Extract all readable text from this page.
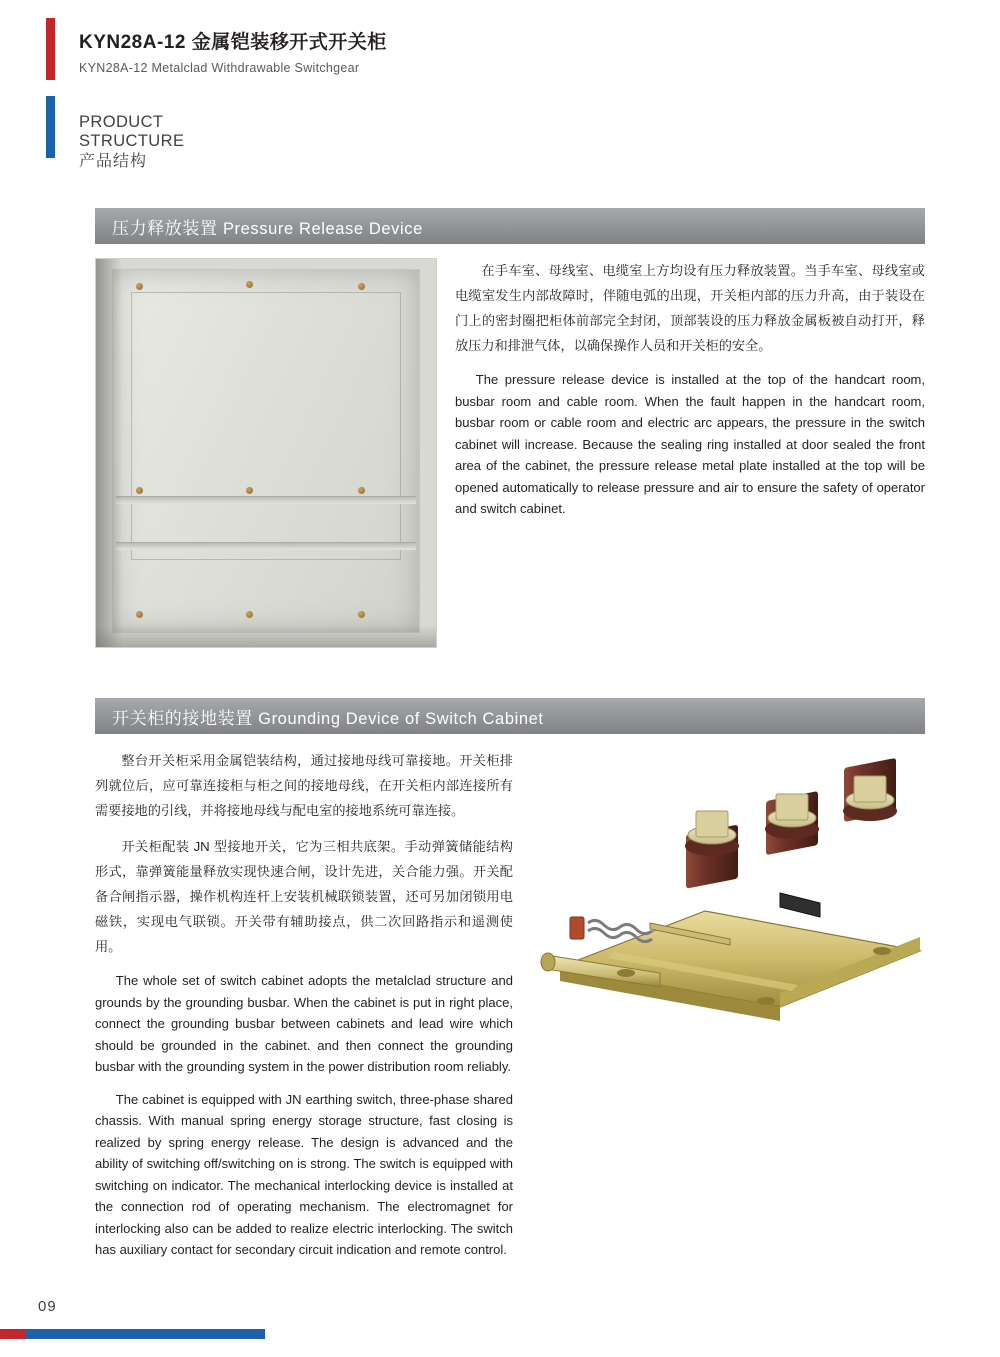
KYN28A-12 金属铠装移开式开关柜
KYN28A-12 Metalclad Withdrawable Switchgear
PRODUCT
STRUCTURE
产品结构
压力释放装置 Pressure Release Device

在手车室、母线室、电缆室上方均设有压力释放装置。当手车室、母线室或电缆室发生内部故障时，伴随电弧的出现，开关柜内部的压力升高，由于装设在门上的密封圈把柜体前部完全封闭，顶部装设的压力释放金属板被自动打开，释放压力和排泄气体，以确保操作人员和开关柜的安全。

The pressure release device is installed at the top of the handcart room, busbar room and cable room. When the fault happen in the handcart room, busbar room or cable room and electric arc appears, the pressure in the switch cabinet will increase. Because the sealing ring installed at door sealed the front area of the cabinet, the pressure release metal plate installed at the top will be opened automatically to release pressure and air to ensure the safety of operator and switch cabinet.

开关柜的接地装置 Grounding Device of Switch Cabinet

整台开关柜采用金属铠装结构，通过接地母线可靠接地。开关柜排列就位后，应可靠连接柜与柜之间的接地母线，在开关柜内部连接所有需要接地的引线，并将接地母线与配电室的接地系统可靠连接。

开关柜配装 JN 型接地开关，它为三相共底架。手动弹簧储能结构形式，靠弹簧能量释放实现快速合闸，设计先进，关合能力强。开关配备合闸指示器，操作机构连杆上安装机械联锁装置，还可另加闭锁用电磁铁，实现电气联锁。开关带有辅助接点，供二次回路指示和遥测使用。

The whole set of switch cabinet adopts the metalclad structure and grounds by the grounding busbar. When the cabinet is put in right place, connect the grounding busbar between cabinets and lead wire which should be grounded in the cabinet. and then connect the grounding busbar with the grounding system in the power distribution room reliably.

The cabinet is equipped with JN earthing switch, three-phase shared chassis. With manual spring energy storage structure, fast closing is realized by spring energy release. The design is advanced and the ability of switching off/switching on is strong. The switch is equipped with switching on indicator. The mechanical interlocking device is installed at the connection rod of operating mechanism. The electromagnet for interlocking also can be added to realize electric interlocking. The switch has auxiliary contact for secondary circuit indication and remote control.

09
